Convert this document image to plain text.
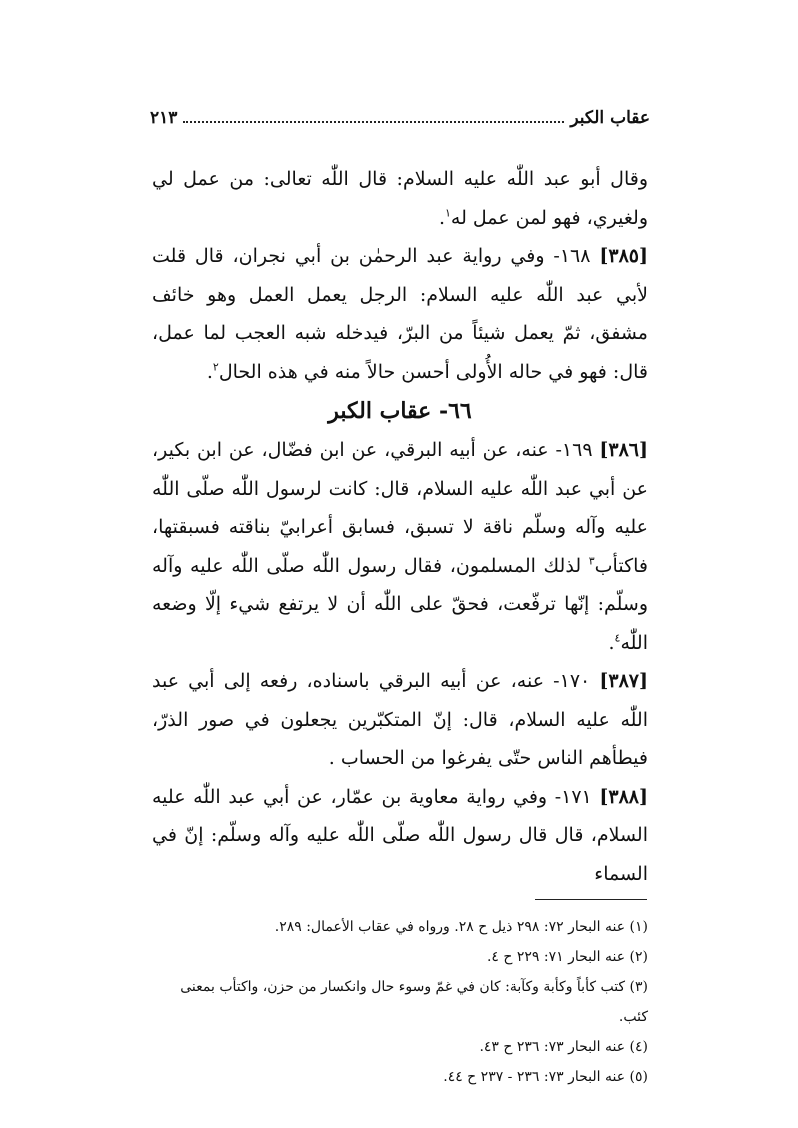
عقاب الكبر
٢١٣

وقال أبو عبد اللّٰه عليه السلام: قال اللّٰه تعالى: من عمل لي ولغيري، فهو لمن عمل له$^١$.

[٣٨٥] ١٦٨- وفي رواية عبد الرحمٰن بن أبي نجران، قال قلت لأبي عبد اللّٰه عليه السلام: الرجل يعمل العمل وهو خائف مشفق، ثمّ يعمل شيئاً من البرّ، فيدخله شبه العجب لما عمل، قال: فهو في حاله الأُولى أحسن حالاً منه في هذه الحال$^٢$.

٦٦- عقاب الكبر

[٣٨٦] ١٦٩- عنه، عن أبيه البرقي، عن ابن فضّال، عن ابن بكير، عن أبي عبد اللّٰه عليه السلام، قال: كانت لرسول اللّٰه صلّى اللّٰه عليه وآله وسلّم ناقة لا تسبق، فسابق أعرابيّ بناقته فسبقتها، فاكتأب$^٣$ لذلك المسلمون، فقال رسول اللّٰه صلّى اللّٰه عليه وآله وسلّم: إنّها ترفّعت، فحقّ على اللّٰه أن لا يرتفع شيء إلّا وضعه اللّٰه$^٤$.

[٣٨٧] ١٧٠- عنه، عن أبيه البرقي باسناده، رفعه إلى أبي عبد اللّٰه عليه السلام، قال: إنّ المتكبّرين يجعلون في صور الذرّ، فيطأهم الناس حتّى يفرغوا من الحساب .

[٣٨٨] ١٧١- وفي رواية معاوية بن عمّار، عن أبي عبد اللّٰه عليه السلام، قال قال رسول اللّٰه صلّى اللّٰه عليه وآله وسلّم: إنّ في السماء

(١) عنه البحار ٧٢: ٢٩٨ ذيل ح ٢٨. ورواه في عقاب الأعمال: ٢٨٩.

(٢) عنه البحار ٧١: ٢٢٩ ح ٤.

(٣) كتب كأباً وكأبة وكآبة: كان في غمّ وسوء حال وانكسار من حزن، واكتأب بمعنى كئب.

(٤) عنه البحار ٧٣: ٢٣٦ ح ٤٣.

(٥) عنه البحار ٧٣: ٢٣٦ - ٢٣٧ ح ٤٤.
